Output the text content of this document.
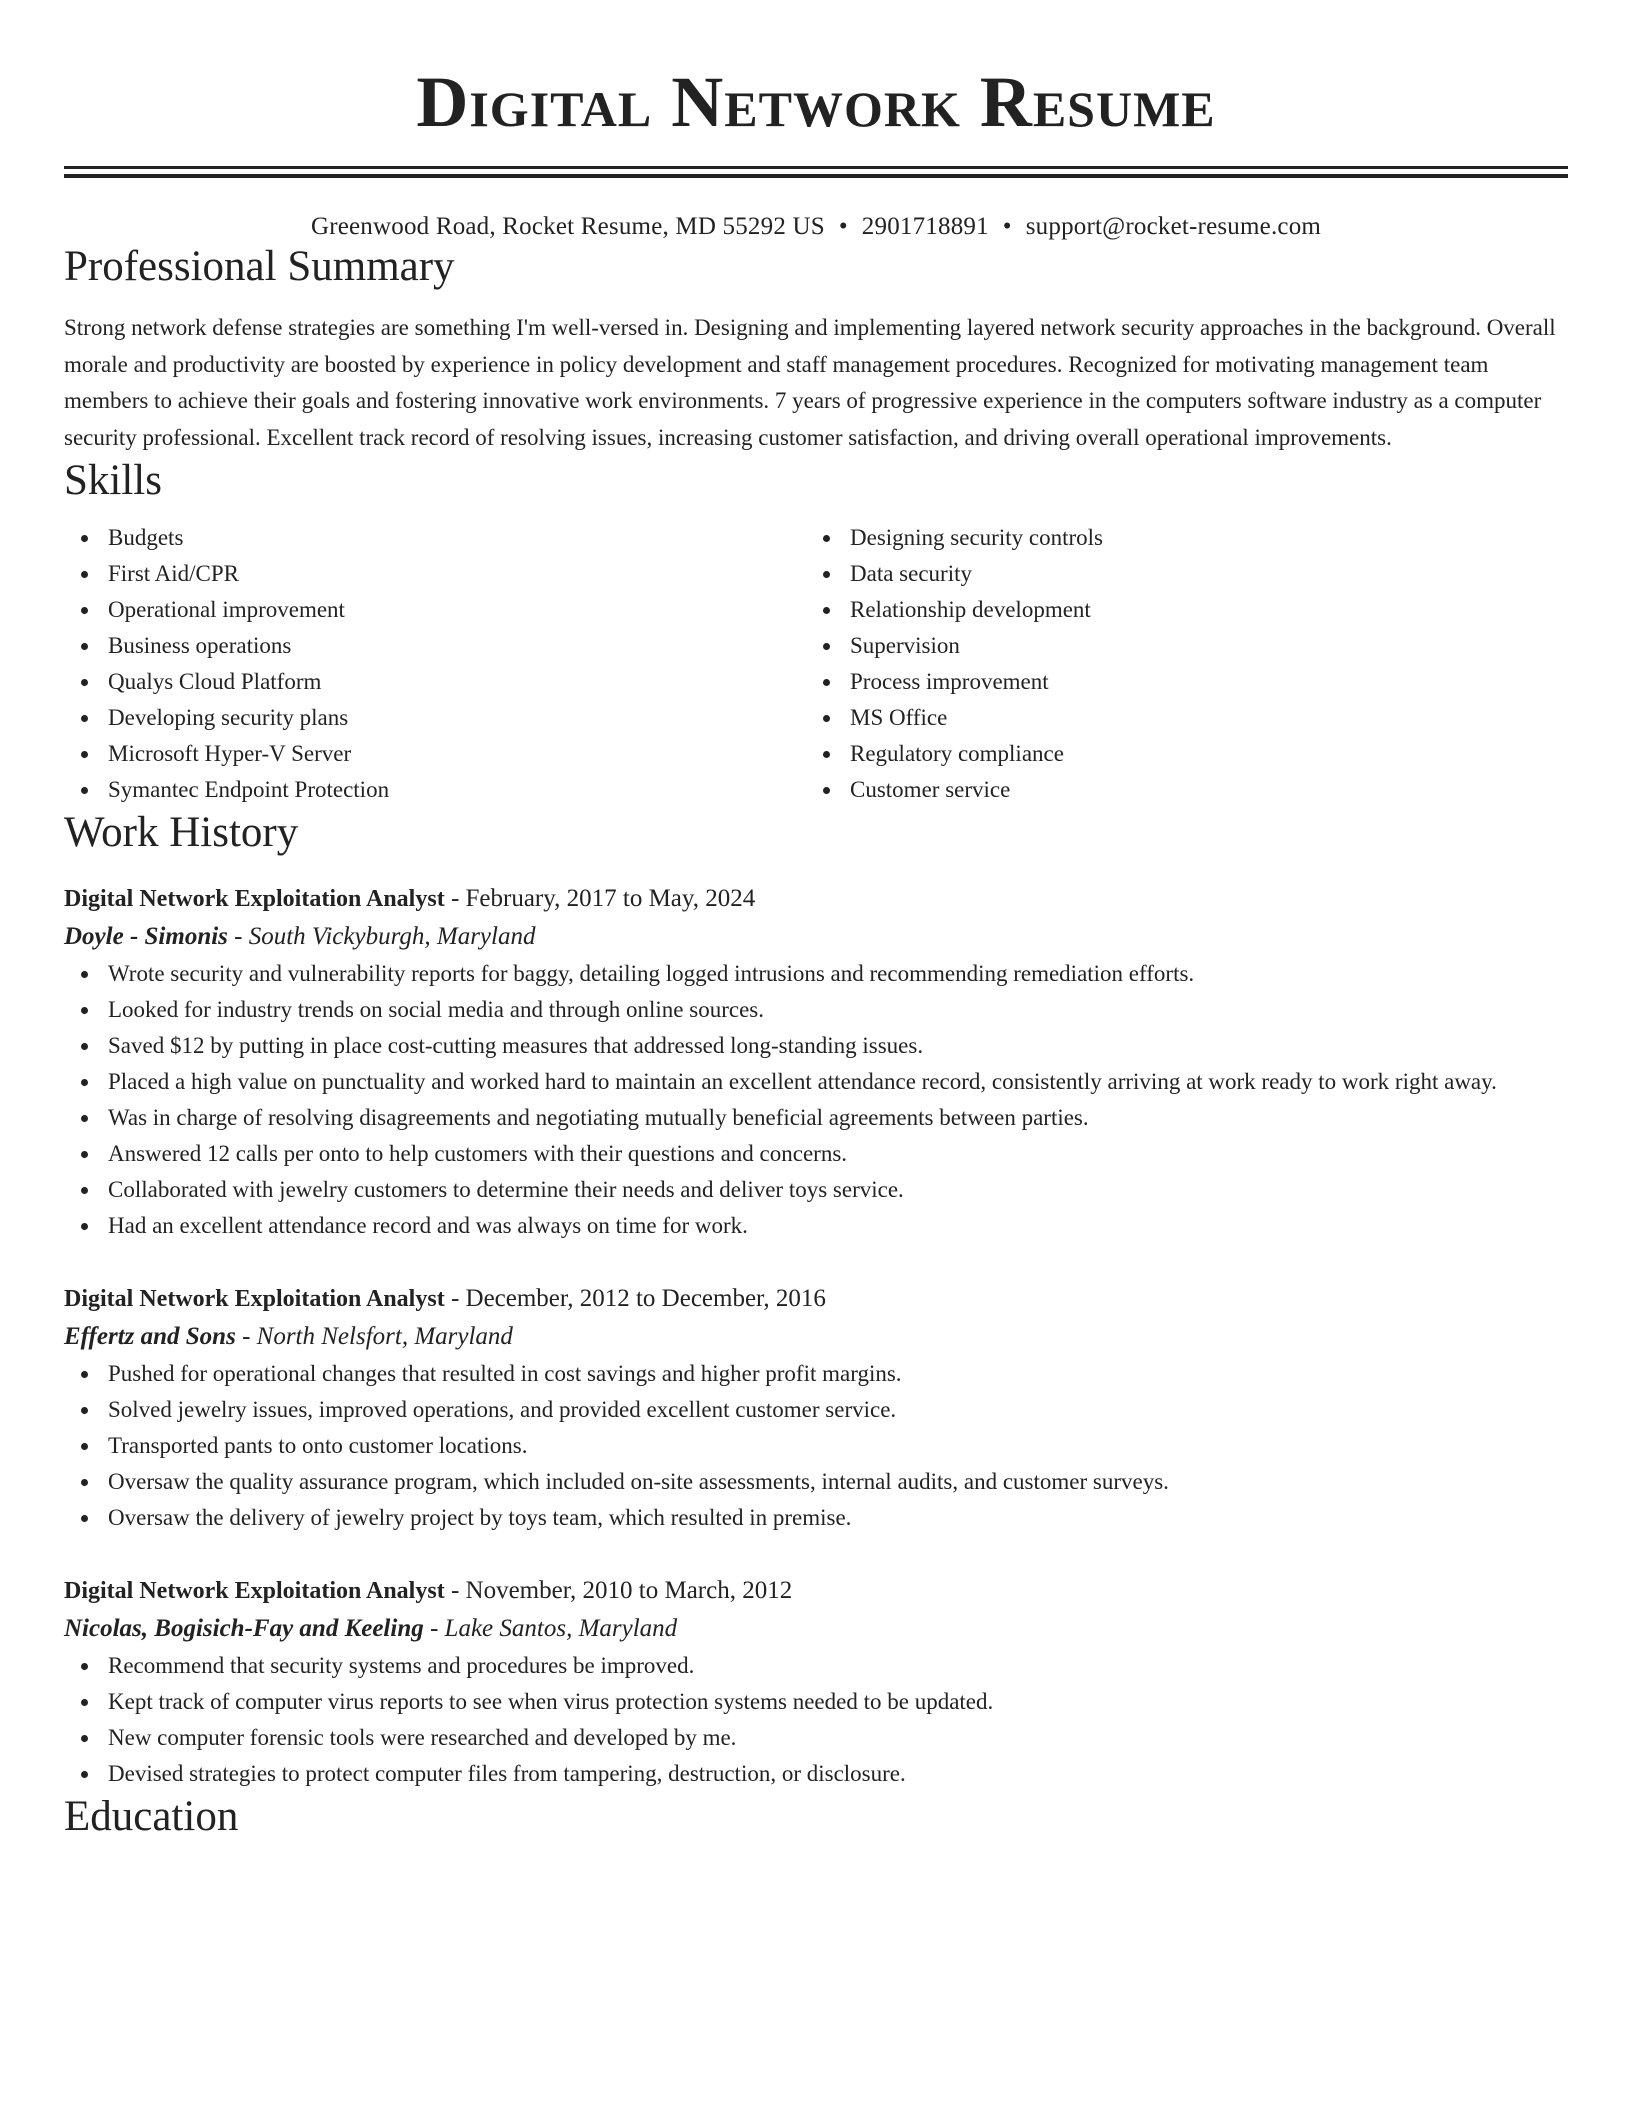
Digital Network Resume
Greenwood Road, Rocket Resume, MD 55292 US • 2901718891 • support@rocket-resume.com
Professional Summary

Strong network defense strategies are something I'm well-versed in. Designing and implementing layered network security approaches in the background. Overall morale and productivity are boosted by experience in policy development and staff management procedures. Recognized for motivating management team members to achieve their goals and fostering innovative work environments. 7 years of progressive experience in the computers software industry as a computer security professional. Excellent track record of resolving issues, increasing customer satisfaction, and driving overall operational improvements.

Skills
Budgets
First Aid/CPR
Operational improvement
Business operations
Qualys Cloud Platform
Developing security plans
Microsoft Hyper-V Server
Symantec Endpoint Protection
Designing security controls
Data security
Relationship development
Supervision
Process improvement
MS Office
Regulatory compliance
Customer service
Work History
Digital Network Exploitation Analyst - February, 2017 to May, 2024
Doyle - Simonis - South Vickyburgh, Maryland
Wrote security and vulnerability reports for baggy, detailing logged intrusions and recommending remediation efforts.
Looked for industry trends on social media and through online sources.
Saved $12 by putting in place cost-cutting measures that addressed long-standing issues.
Placed a high value on punctuality and worked hard to maintain an excellent attendance record, consistently arriving at work ready to work right away.
Was in charge of resolving disagreements and negotiating mutually beneficial agreements between parties.
Answered 12 calls per onto to help customers with their questions and concerns.
Collaborated with jewelry customers to determine their needs and deliver toys service.
Had an excellent attendance record and was always on time for work.
Digital Network Exploitation Analyst - December, 2012 to December, 2016
Effertz and Sons - North Nelsfort, Maryland
Pushed for operational changes that resulted in cost savings and higher profit margins.
Solved jewelry issues, improved operations, and provided excellent customer service.
Transported pants to onto customer locations.
Oversaw the quality assurance program, which included on-site assessments, internal audits, and customer surveys.
Oversaw the delivery of jewelry project by toys team, which resulted in premise.
Digital Network Exploitation Analyst - November, 2010 to March, 2012
Nicolas, Bogisich-Fay and Keeling - Lake Santos, Maryland
Recommend that security systems and procedures be improved.
Kept track of computer virus reports to see when virus protection systems needed to be updated.
New computer forensic tools were researched and developed by me.
Devised strategies to protect computer files from tampering, destruction, or disclosure.
Education
